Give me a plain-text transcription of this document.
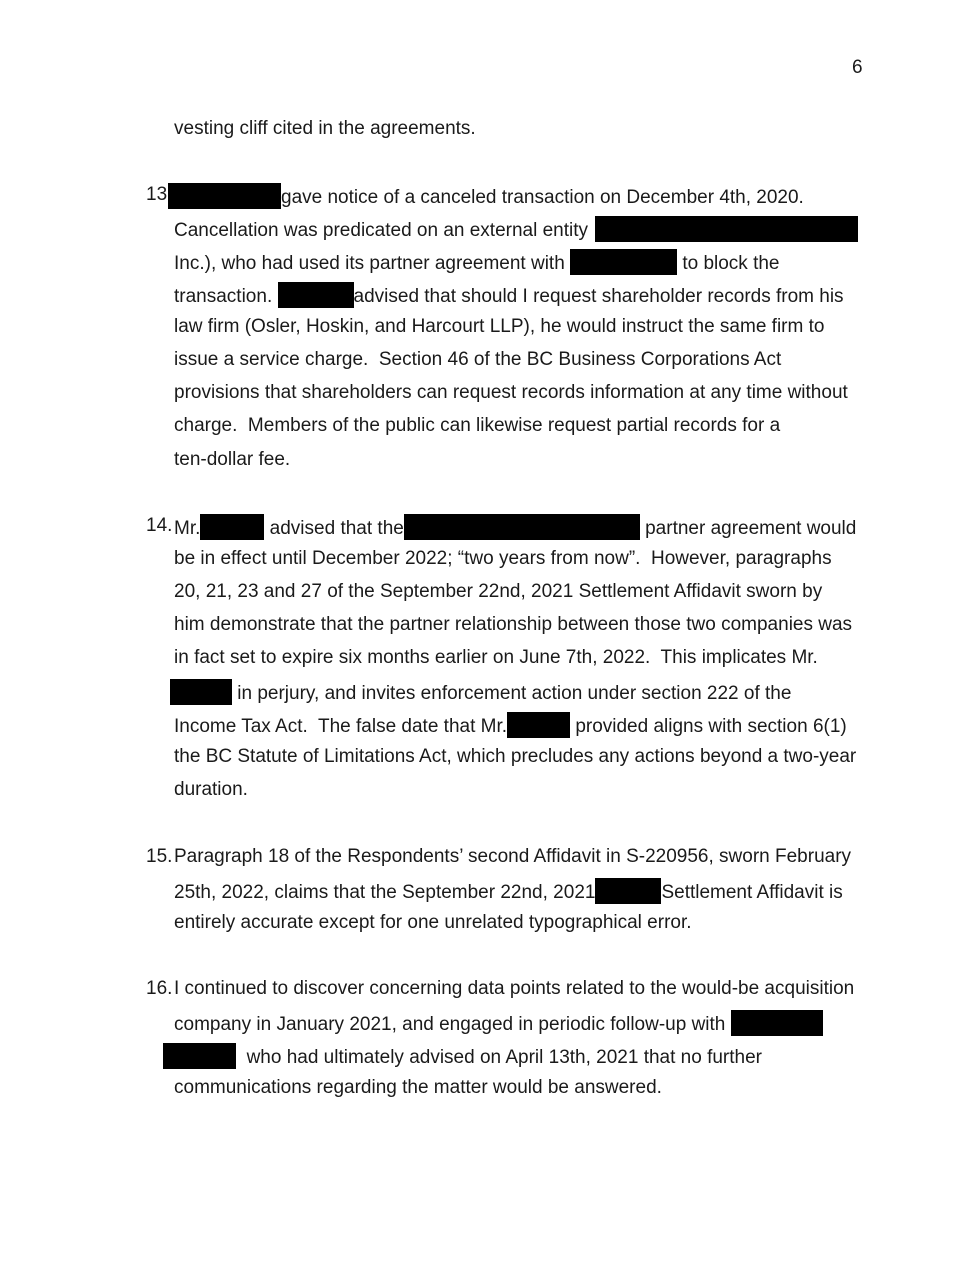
6
vesting cliff cited in the agreements.
13	gave notice of a canceled transaction on December 4th, 2020.
Cancellation was predicated on an external entity
Inc.), who had used its partner agreement with	to block the
transaction.	advised that should I request shareholder records from his
law firm (Osler, Hoskin, and Harcourt LLP), he would instruct the same firm to
issue a service charge.  Section 46 of the BC Business Corporations Act
provisions that shareholders can request records information at any time without
charge.  Members of the public can likewise request partial records for a
ten-dollar fee.
14. Mr.	advised that the	partner agreement would
be in effect until December 2022; “two years from now”.  However, paragraphs
20, 21, 23 and 27 of the September 22nd, 2021 Settlement Affidavit sworn by
him demonstrate that the partner relationship between those two companies was
in fact set to expire six months earlier on June 7th, 2022.  This implicates Mr.
in perjury, and invites enforcement action under section 222 of the
Income Tax Act.  The false date that Mr.	provided aligns with section 6(1)
the BC Statute of Limitations Act, which precludes any actions beyond a two-year
duration.
15. Paragraph 18 of the Respondents’ second Affidavit in S-220956, sworn February
25th, 2022, claims that the September 22nd, 2021	Settlement Affidavit is
entirely accurate except for one unrelated typographical error.
16. I continued to discover concerning data points related to the would-be acquisition
company in January 2021, and engaged in periodic follow-up with
who had ultimately advised on April 13th, 2021 that no further
communications regarding the matter would be answered.
